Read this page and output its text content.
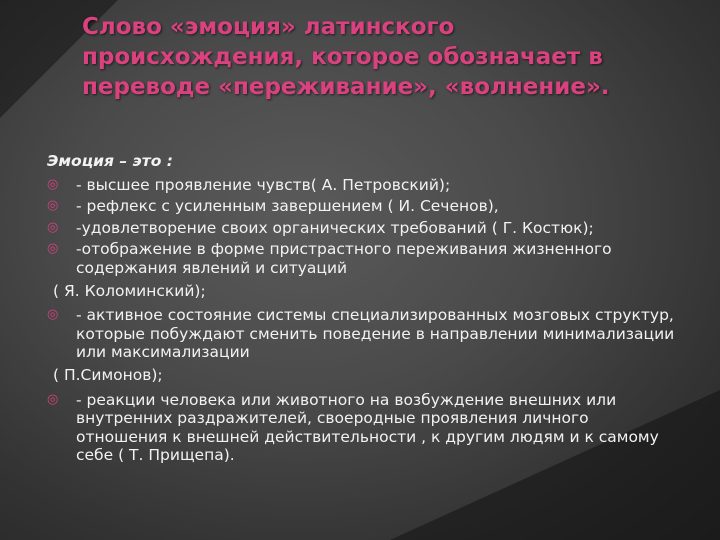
Слово «эмоция» латинского происхождения, которое обозначает в переводе «переживание», «волнение».

Эмоция – это :

◎ - высшее проявление чувств( А. Петровский);
◎ - рефлекс с усиленным завершением ( И. Сеченов),
◎ -удовлетворение своих органических требований ( Г. Костюк);
◎ -отображение в форме пристрастного переживания жизненного содержания явлений и ситуаций

( Я. Коломинский);

◎ - активное состояние системы специализированных мозговых структур, которые побуждают сменить поведение в направлении минимализации или максимализации

( П.Симонов);

◎ - реакции человека или животного на возбуждение внешних или внутренних раздражителей, своеродные проявления личного отношения к внешней действительности , к другим людям и к самому себе ( Т. Прищепа).
